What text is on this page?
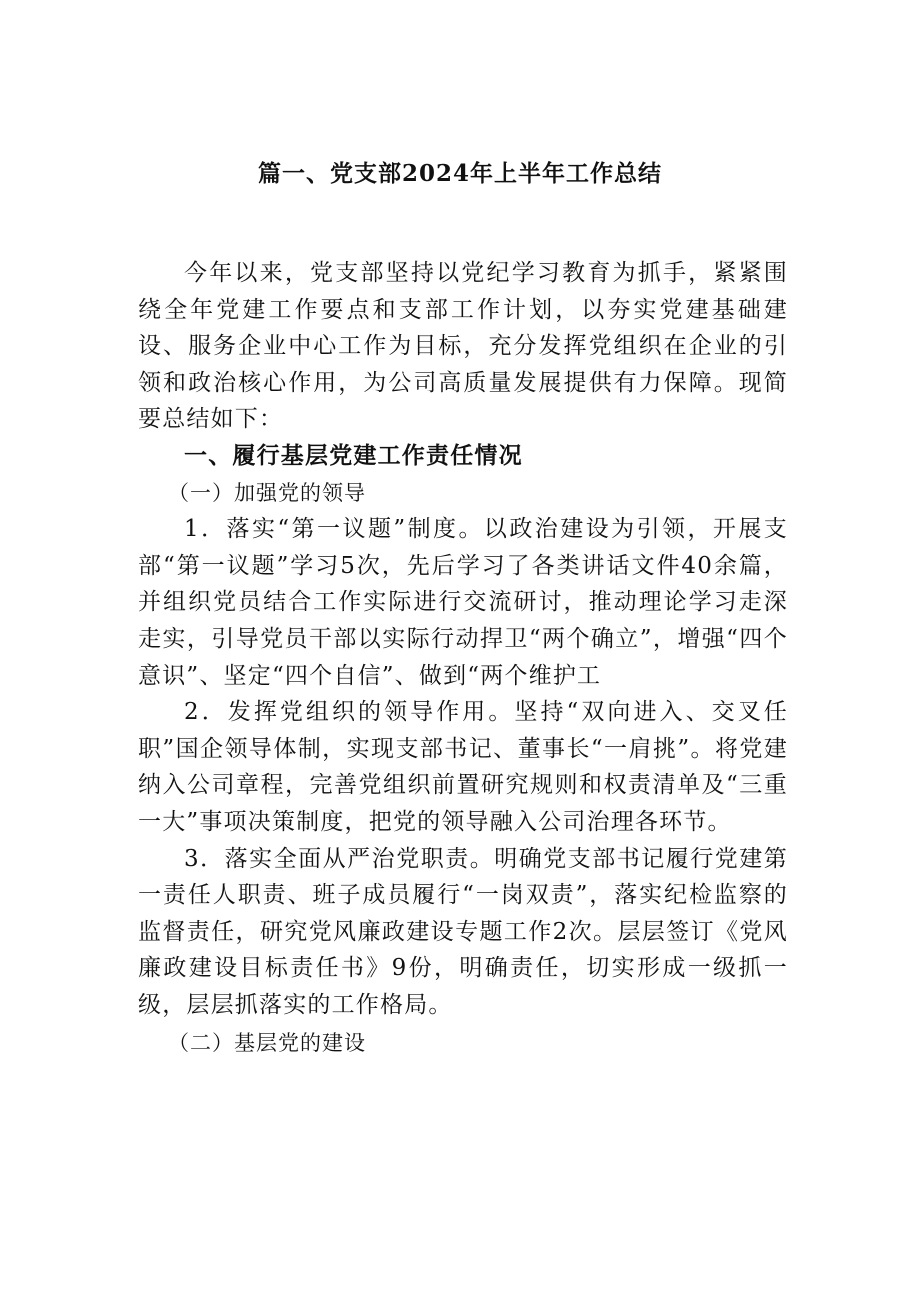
篇一、党支部2024年上半年工作总结

今年以来，党支部坚持以党纪学习教育为抓手，紧紧围绕全年党建工作要点和支部工作计划，以夯实党建基础建设、服务企业中心工作为目标，充分发挥党组织在企业的引领和政治核心作用，为公司高质量发展提供有力保障。现简要总结如下：

一、履行基层党建工作责任情况

（一）加强党的领导

1．落实“第一议题”制度。以政治建设为引领，开展支部“第一议题”学习5次，先后学习了各类讲话文件40余篇，并组织党员结合工作实际进行交流研讨，推动理论学习走深走实，引导党员干部以实际行动捍卫“两个确立”，增强“四个意识”、坚定“四个自信”、做到“两个维护工

2．发挥党组织的领导作用。坚持“双向进入、交叉任职”国企领导体制，实现支部书记、董事长“一肩挑”。将党建纳入公司章程，完善党组织前置研究规则和权责清单及“三重一大”事项决策制度，把党的领导融入公司治理各环节。

3．落实全面从严治党职责。明确党支部书记履行党建第一责任人职责、班子成员履行“一岗双责”，落实纪检监察的监督责任，研究党风廉政建设专题工作2次。层层签订《党风廉政建设目标责任书》9份，明确责任，切实形成一级抓一级，层层抓落实的工作格局。

（二）基层党的建设
